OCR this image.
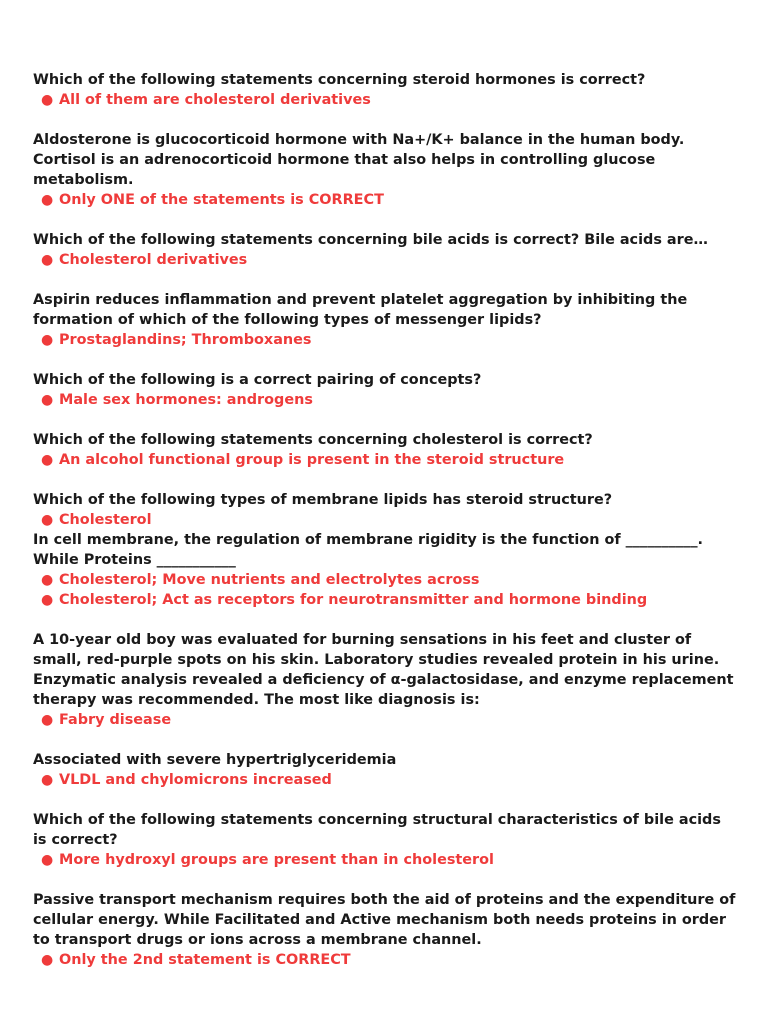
Which of the following statements concerning steroid hormones is correct?

● All of them are cholesterol derivatives

Aldosterone is glucocorticoid hormone with Na+/K+ balance in the human body. Cortisol is an adrenocorticoid hormone that also helps in controlling glucose metabolism.

● Only ONE of the statements is CORRECT

Which of the following statements concerning bile acids is correct? Bile acids are…

● Cholesterol derivatives

Aspirin reduces inflammation and prevent platelet aggregation by inhibiting the formation of which of the following types of messenger lipids?

● Prostaglandins; Thromboxanes

Which of the following is a correct pairing of concepts?

● Male sex hormones: androgens

Which of the following statements concerning cholesterol is correct?

● An alcohol functional group is present in the steroid structure

Which of the following types of membrane lipids has steroid structure?

● Cholesterol

In cell membrane, the regulation of membrane rigidity is the function of __________. While Proteins ___________

● Cholesterol; Move nutrients and electrolytes across
● Cholesterol; Act as receptors for neurotransmitter and hormone binding

A 10-year old boy was evaluated for burning sensations in his feet and cluster of small, red-purple spots on his skin. Laboratory studies revealed protein in his urine. Enzymatic analysis revealed a deficiency of α-galactosidase, and enzyme replacement therapy was recommended. The most like diagnosis is:

● Fabry disease

Associated with severe hypertriglyceridemia

● VLDL and chylomicrons increased

Which of the following statements concerning structural characteristics of bile acids is correct?

● More hydroxyl groups are present than in cholesterol

Passive transport mechanism requires both the aid of proteins and the expenditure of cellular energy. While Facilitated and Active mechanism both needs proteins in order to transport drugs or ions across a membrane channel.

● Only the 2nd statement is CORRECT
